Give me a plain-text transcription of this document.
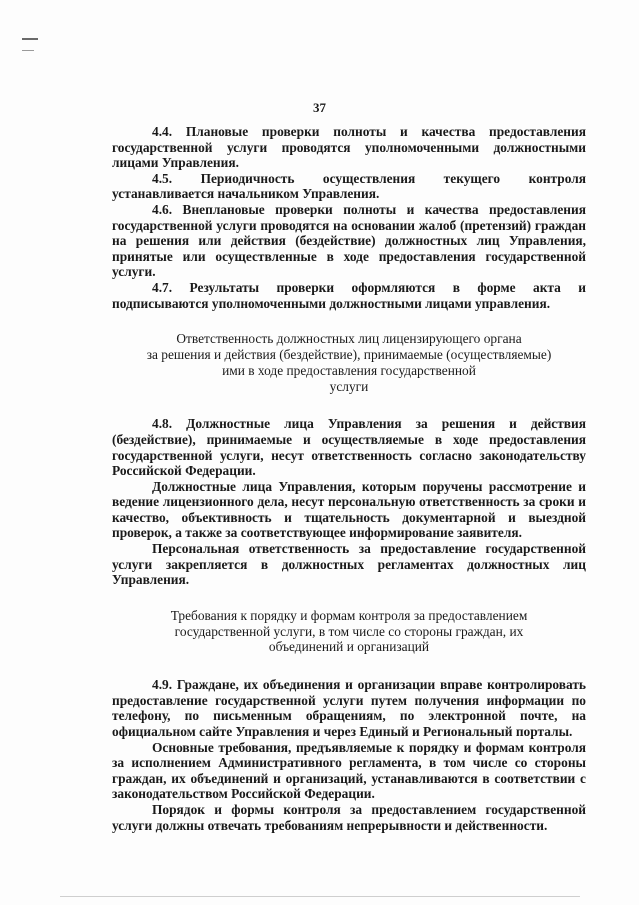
37

4.4. Плановые проверки полноты и качества предоставления государственной услуги проводятся уполномоченными должностными лицами Управления.

4.5. Периодичность осуществления текущего контроля устанавливается начальником Управления.

4.6. Внеплановые проверки полноты и качества предоставления государственной услуги проводятся на основании жалоб (претензий) граждан на решения или действия (бездействие) должностных лиц Управления, принятые или осуществленные в ходе предоставления государственной услуги.

4.7. Результаты проверки оформляются в форме акта и подписываются уполномоченными должностными лицами управления.

Ответственность должностных лиц лицензирующего органа

за решения и действия (бездействие), принимаемые (осуществляемые)

ими в ходе предоставления государственной

услуги

4.8. Должностные лица Управления за решения и действия (бездействие), принимаемые и осуществляемые в ходе предоставления государственной услуги, несут ответственность согласно законодательству Российской Федерации.

Должностные лица Управления, которым поручены рассмотрение и ведение лицензионного дела, несут персональную ответственность за сроки и качество, объективность и тщательность документарной и выездной проверок, а также за соответствующее информирование заявителя.

Персональная ответственность за предоставление государственной услуги закрепляется в должностных регламентах должностных лиц Управления.

Требования к порядку и формам контроля за предоставлением

государственной услуги, в том числе со стороны граждан, их

объединений и организаций

4.9. Граждане, их объединения и организации вправе контролировать предоставление государственной услуги путем получения информации по телефону, по письменным обращениям, по электронной почте, на официальном сайте Управления и через Единый и Региональный порталы.

Основные требования, предъявляемые к порядку и формам контроля за исполнением Административного регламента, в том числе со стороны граждан, их объединений и организаций, устанавливаются в соответствии с законодательством Российской Федерации.

Порядок и формы контроля за предоставлением государственной услуги должны отвечать требованиям непрерывности и действенности.
